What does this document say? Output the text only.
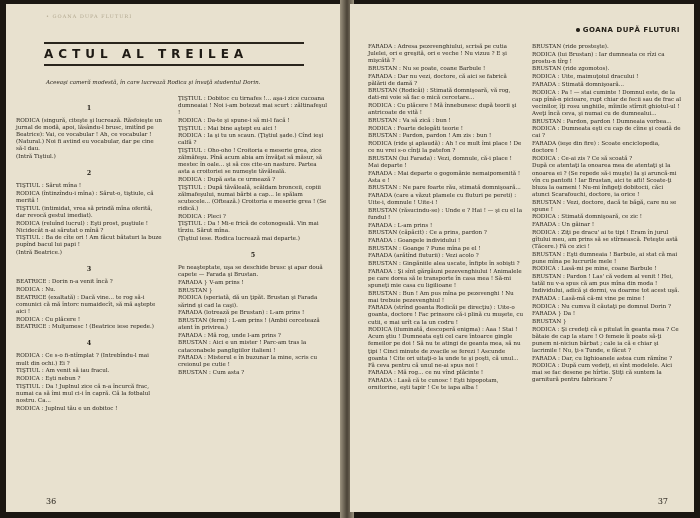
• GOANA DUPA FLUTURI
ACTUL AL TREILEA
Aceeaşi cameră modestă, în care lucrează Rodica şi învaţă studentul Dorin.

1

RODICA (singură, citeşte şi lucrează. Răsfoieşte un jurnal de modă, apoi, lăsându-l brusc, imitînd pe Beatrice): Vai, ce vocabular ! Ah, ce vocabular ! (Natural.) Noi fi aviind eu vocabular, dar pe cine să-l dau.

(Intră Tiştiul.)

2

TIŞTIUL : Sărut mîna !

RODICA (întinzîndu-i mîna) : Sărut-o, tiştiule, că merită !

TIŞTIUL (intimidat, vrea să prindă mîna oferită, dar revocă gestul imediat).

RODICA (reluînd lucrul) : Eşti prost, puştiule ! Nicidecât n-ai sărutat o mînă ?

TIŞTIUL : Ba de cîte ori ! Am făcut bătaturi la buze pupînd bacul lui papi !

(Intră Beatrice.)

3

BEATRICE : Dorin n-a venit încă ?

RODICA : Nu.

BEATRICE (exaltată) : Dacă vine... te rog să-i comunici că mă întorc numaidecît, să mă aştepte aici !

RODICA : Cu plăcere !

BEATRICE : Mulţumesc ! (Beatrice iese repede.)

4

RODICA : Ce s-o fi-ntîmplat ? (Intrebîndu-l mai mult din ochi.) Ei ?

TIŞTIUL : Am venit să iau fracul.

RODICA : Eşti nebun ?

TIŞTIUL : Da ! Juplnul zice că n-a încurcă frac, numai ca să îmi mul ci-i în capră. Că la fotbalul nostru. Ca...

RODICA : Juplnul tău e un dobitoc !

ŢIŞTIUL : Dobitoc cu tirnafes !... aşa-i zice cucoana dumneaiai ! Noi i-am botezat mai scurt : zăltinafeşul !

RODICA : Da-te şi spune-i să mi-l facă !

ŢIŞTIUL : Mai bine aştept eu aici !

RODICA : Ia şi tu un scaun. (Ţiştiul şade.) Cînd ieşi calfă ?

ŢIŞTIUL : Oho-oho ! Croitoria e meserie grea, zice zălmăfeşu. Pînă acum abia am învăţat să măsur, să mestec în oale... şi să cos cite-un nasture. Partea asta a croitoriei se numeşte tăvăleală.

RODICA : După asta ce urmează ?

ŢIŞTIUL : După tăvăleală, scăldam bronceii, copiii zălmafeşului, numai bărbi a cap... le spălam scutecele... (Oftează.) Croitoria e meserie grea ! (Se ridică.)

RODICA : Pleci ?

ŢIŞTIUL : Da ! Mi-e frică de cotonogeală. Vin mai tîrziu. Sărut mîna.

(Ţiştiul iese. Rodica lucrează mai departe.)

5

Pe neaşteptate, uşa se deschide brusc şi apar două capete — Farada şi Brustan.

FARADA } V-am prins !

BRUSTAN }

RODICA (speriată, dă un ţipăt. Brustan şi Farada sărind şi cad la caşi).

FARADA (lotrează pe Brustan) : L-am prins !

BRUSTAN (ferm) : L-am prins ! (Ambii cercetează atent în privirea.)

FARADA : Mă rog, unde l-am prins ?

BRUSTAN : Aici e un mister ! Parc-am tras la cataconabele pangligiilor italieni !

FARADA : Misterul e în buzunar la mine, scris cu creionul pe cutie !

BRUSTAN : Cum asta ?

36
GOANA DUPĂ FLUTURI

FARADA : Adresa pezevenghiului, scrisă pe cutia Julelei, ori e greşită, ori e veche ! Nu vizuu ? E şi mişcătă ?

BRUSTAN : Nu se poate, coane Barbule !

FARADA : Dar nu vezi, doctore, că aici se fabrică pălării de damă ?

BRUSTAN (Rodicăi) : Stimată domnişoară, vă rog, dati-mi voie să fac o mică cercetare...

RODICA : Cu plăcere ! Mă înnebunesc după teorii şi antricoate de vită !

BRUSTAN : Va să zică : bun !

RODICA : Foarte delegăti teorie !

BRUSTAN : Pardon, pardon ! Am zis : bun !

RODICA (ride şi aplaudă) : Ah ! ce mult îmi place ! De ce nu vrei s-o cînţi la patefon ?

BRUSTAN (lui Farada) : Vezi, domnule, că-i place ! Mai departe !

FARADA : Mai departe o gogomănie nemaipomenită ! Asta e !

BRUSTAN : Ne pare foarte rău, stimată domnişoară...

FARADA (care a văzut plamele cu fluturi pe pereti) : Uite-i, domnule ! Uite-i !

BRUSTAN (răsucindu-se) : Unde e ? Hai ! — şi cu el la fundul !

FARADA : L-am prins !

BRUSTAN (căpăcit) : Ce a prins, pardon ?

FARADA : Goangele individului !

BRUSTAN : Goange ? Pune mîna pe el !

FARADA (arătînd fluturii) : Vezi acolo ?

BRUSTAN : Gingăniile alea uscate, înfipte în sobişti ?

FARADA : Şi sînt gărgăuni pezevenghiului ! Animalele pe care dorea să le transporte în casa mea ! Să-mi spuneţi mie casa cu ligilioane !

BRUSTAN : Bun ! Am pus mîna pe pezevenghi ! Nu mai trebuie pezevenghiul !

FARADA (strînd goanta Rodicăi pe direcţiu) : Uite-o goanta, doctore ! Fac prinsore că-i plină cu muşete, cu cutii, e mai urît ca la un codru !

RODICA (iluminată, descoperă enigma) : Aaa ! Stai ! Acum ştiu ! Dumneata eşti cel care întoarce gingle femeilor pe doi ! Să nu te atingi de geanta mea, să nu ţipi ! Cinci minute de zvacile se ferezi ! Ascunde goanta ! Cite ori uitaţi-o la unde te şi poşti, că unul... Fă ceva pentru că unul ne-ai spus noi !

FARADA : Mă rog... ce nu vînd plăcinte !

FARADA : Lasă că te cunosc ! Eşti hipopotam, ornitorine, eşti tapir ! Ce te iapa alba !

BRUSTAN (ride prosteşte).

RODICA (lui Brustan) : Iar dumneata ce rîzi ca prostu-n tîrg !

BRUSTAN (ride zgomotos).

RODICA : Uite, maimuţoiul dracului !

FARADA : Stimată domnişoară...

RODICA : Pa ! — stai cuminte ! Domnul este, de la cap pînă-n picioare, rupt chiar de fecii sau de frac al vecinilor, îţi rosu unghiile, mîinile stîrnit ghiotul-ul ! Aveţi încă ceva, şi numai cu de dumnealui...

BRUSTAN : Pardon, pardon ! Dumneaia vorbea...

RODICA : Dumneata eşti cu cap de cîine şi coadă de cai ?

FARADA (ieşe din fire) : Scoate enciclopedia, doctore !

RODICA : Ce-ai zis ? Ce să scoată ?

După ce atentaţi la onoarea mea de atentaţi şi la onoarea ei ? (Se repede să-i muşte) Ia şi aruncă-mi vîn cu pantofii ! Iar Brustan, aici te afli! Scoate-ţi bluza la oameni ! Nu-mi înfigeţi dobitocii, căci atunci Scarafouchi, doctore, ia orice !

BRUSTAN : Vezi, doctore, dacă te băgă, care nu se spune !

RODICA : Stimată domnişoară, ce zic !

FARADA : Un găinar !

RODICA : Ziţi pe dracu' ai te tipi ! Eram în jurul gîtului meu, am prins să se stîrnească. Feteşte astă (Tăcere.) Fă ce zici !

BRUSTAN : Eşti dumneaia ! Barbule, ai stat că mai pune mîna pe lucrurile mele !

RODICA : Lasă-mi pe mine, coane Barbule !

BRUSTAN : Pardon ! Las' că vedem al venit ! Hei, tatăl nu v-a spus că am pus mîna din moda ! Individului, adică şi dormi, va doarme tot acest uşă.

FARADA : Lasă-mă că-mi vine pe mine !

RODICA : Nu cumva îl căutaţi pe domnul Dorin ?

FARADA } Da !

BRUSTAN }

RODICA : Şi credeţi că e pitulat în geanta mea ? Ce bătaie de cap la stare ! O femeie îi poate să-ţi punem ni-niciun bărbat ; cale ia că e chiar şi lacrimile ! Nu, ţi-s Tunde, e făcut ?

FARADA : Dar, cu lighioanele astea cum rămîne ?

RODICA : După cum vedeţi, ei sînt modelele. Aici mai se fac desene pe hîrtie. Ştiţi că suntem la garnitură pentru fabricare ?

37
